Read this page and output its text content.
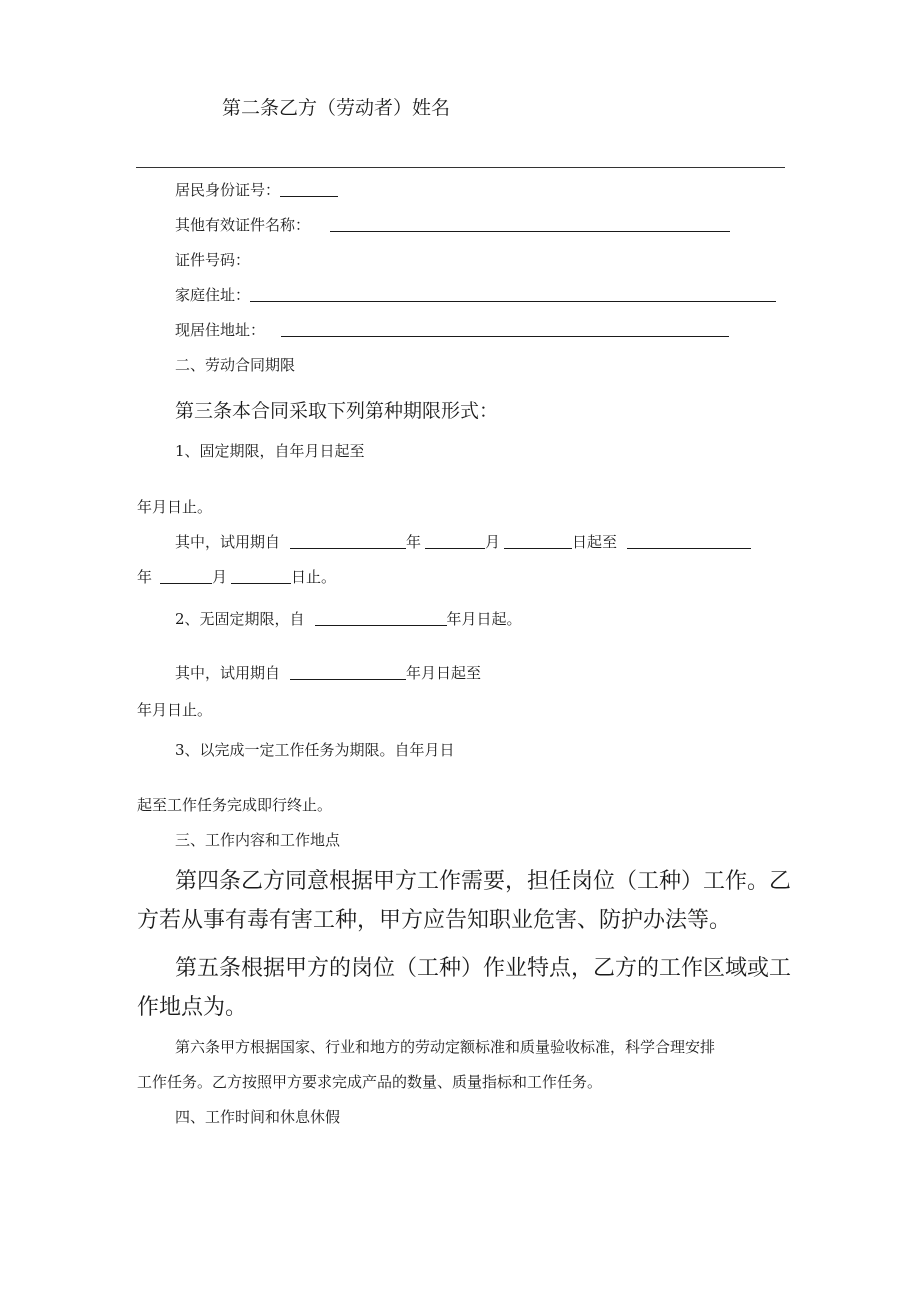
第二条乙方（劳动者）姓名
居民身份证号：
其他有效证件名称：
证件号码：
家庭住址：
现居住地址：
二、劳动合同期限
第三条本合同采取下列第种期限形式：
1、固定期限，自年月日起至
年月日止。
其中，试用期自	年	月	日起至
年	月	日止。
2、无固定期限，自	年月日起。
其中，试用期自	年月日起至
年月日止。
3、以完成一定工作任务为期限。自年月日
起至工作任务完成即行终止。
三、工作内容和工作地点
第四条乙方同意根据甲方工作需要，担任岗位（工种）工作。乙
方若从事有毒有害工种，甲方应告知职业危害、防护办法等。
第五条根据甲方的岗位（工种）作业特点，乙方的工作区域或工
作地点为。
第六条甲方根据国家、行业和地方的劳动定额标准和质量验收标准，科学合理安排
工作任务。乙方按照甲方要求完成产品的数量、质量指标和工作任务。
四、工作时间和休息休假
